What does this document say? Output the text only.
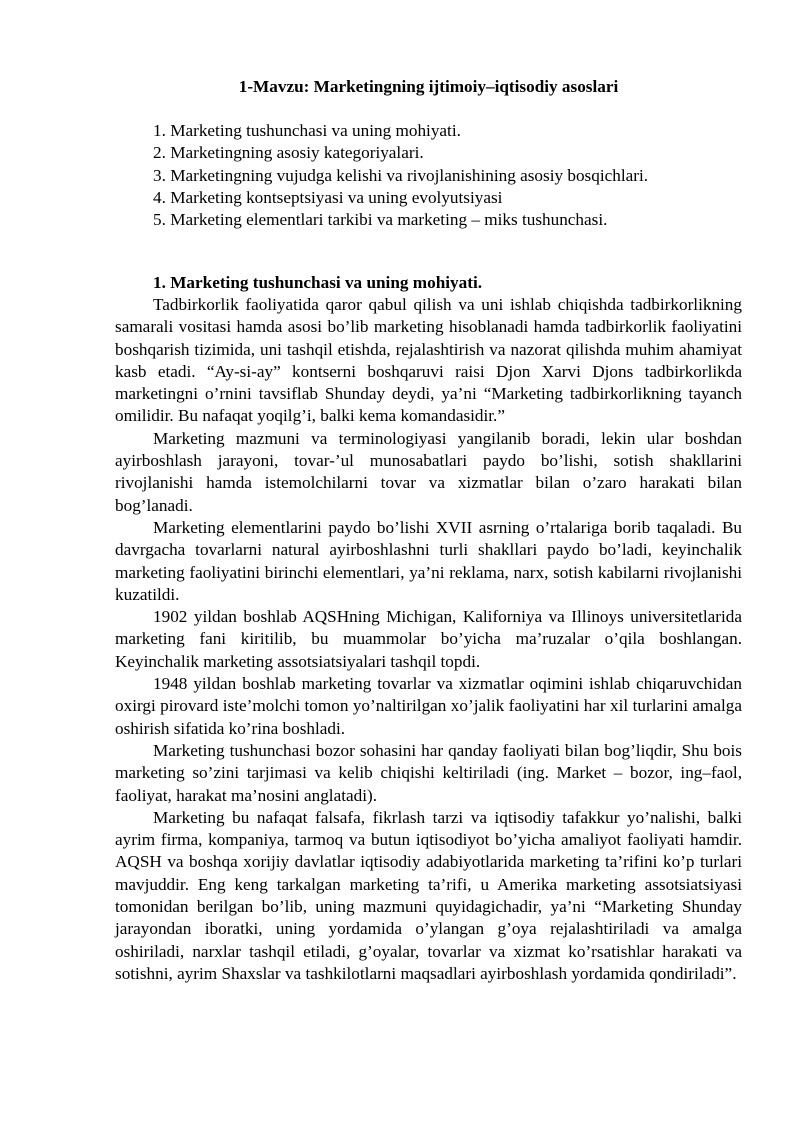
1-Mavzu: Marketingning ijtimoiy–iqtisodiy asoslari
1. Marketing tushunchasi va uning mohiyati.
2. Marketingning asosiy kategoriyalari.
3. Marketingning vujudga kelishi va rivojlanishining asosiy bosqichlari.
4. Marketing kontseptsiyasi va uning evolyutsiyasi
5. Marketing elementlari tarkibi va marketing – miks tushunchasi.
1. Marketing tushunchasi va uning mohiyati.

Tadbirkorlik faoliyatida qaror qabul qilish va uni ishlab chiqishda tadbirkorlikning samarali vositasi hamda asosi bo’lib marketing hisoblanadi hamda tadbirkorlik faoliyatini boshqarish tizimida, uni tashqil etishda, rejalashtirish va nazorat qilishda muhim ahamiyat kasb etadi. “Ay-si-ay” kontserni boshqaruvi raisi Djon Xarvi Djons tadbirkorlikda marketingni o’rnini tavsiflab Shunday deydi, ya’ni “Marketing tadbirkorlikning tayanch omilidir. Bu nafaqat yoqilg’i, balki kema komandasidir.”

Marketing mazmuni va terminologiyasi yangilanib boradi, lekin ular boshdan ayirboshlash jarayoni, tovar-’ul munosabatlari paydo bo’lishi, sotish shakllarini rivojlanishi hamda istemolchilarni tovar va xizmatlar bilan o’zaro harakati bilan bog’lanadi.

Marketing elementlarini paydo bo’lishi XVII asrning o’rtalariga borib taqaladi. Bu davrgacha tovarlarni natural ayirboshlashni turli shakllari paydo bo’ladi, keyinchalik marketing faoliyatini birinchi elementlari, ya’ni reklama, narx, sotish kabilarni rivojlanishi kuzatildi.

1902 yildan boshlab AQSHning Michigan, Kaliforniya va Illinoys universitetlarida marketing fani kiritilib, bu muammolar bo’yicha ma’ruzalar o’qila boshlangan. Keyinchalik marketing assotsiatsiyalari tashqil topdi.

1948 yildan boshlab marketing tovarlar va xizmatlar oqimini ishlab chiqaruvchidan oxirgi pirovard iste’molchi tomon yo’naltirilgan xo’jalik faoliyatini har xil turlarini amalga oshirish sifatida ko’rina boshladi.

Marketing tushunchasi bozor sohasini har qanday faoliyati bilan bog’liqdir, Shu bois marketing so’zini tarjimasi va kelib chiqishi keltiriladi (ing. Market – bozor, ing–faol, faoliyat, harakat ma’nosini anglatadi).

Marketing bu nafaqat falsafa, fikrlash tarzi va iqtisodiy tafakkur yo’nalishi, balki ayrim firma, kompaniya, tarmoq va butun iqtisodiyot bo’yicha amaliyot faoliyati hamdir. AQSH va boshqa xorijiy davlatlar iqtisodiy adabiyotlarida marketing ta’rifini ko’p turlari mavjuddir. Eng keng tarkalgan marketing ta’rifi, u Amerika marketing assotsiatsiyasi tomonidan berilgan bo’lib, uning mazmuni quyidagichadir, ya’ni “Marketing Shunday jarayondan iboratki, uning yordamida o’ylangan g’oya rejalashtiriladi va amalga oshiriladi, narxlar tashqil etiladi, g’oyalar, tovarlar va xizmat ko’rsatishlar harakati va sotishni, ayrim Shaxslar va tashkilotlarni maqsadlari ayirboshlash yordamida qondiriladi”.
